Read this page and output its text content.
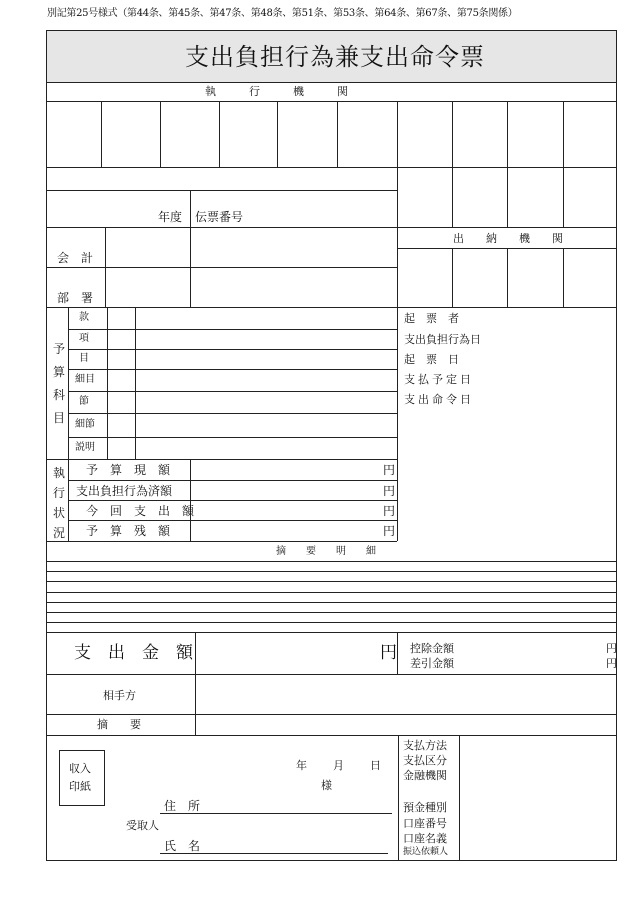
別記第25号様式（第44条、第45条、第47条、第48条、第51条、第53条、第64条、第67条、第75条関係）
支出負担行為兼支出命令票
執　　　行　　　機　　　関
年度 伝票番号
会　計
部　署
出　　納　　機　　関
予
算
科
目
款
項
目
細目
節
細節
説明
起　票　者
支出負担行為日
起　票　日
支払予定日
支出命令日
執
行
状
況
予　算　現　額
支出負担行為済額
今　回　支　出　額
予　算　残　額
円
円
円
円
摘　　要　　明　　細
支　出　金　額	円 控除金額
差引金額
円
円
相手方
摘　　要
収入
印紙
年 月 日
様
住　所
受取人
氏　名
支払方法
支払区分
金融機関
預金種別
口座番号
口座名義
振込依頼人
